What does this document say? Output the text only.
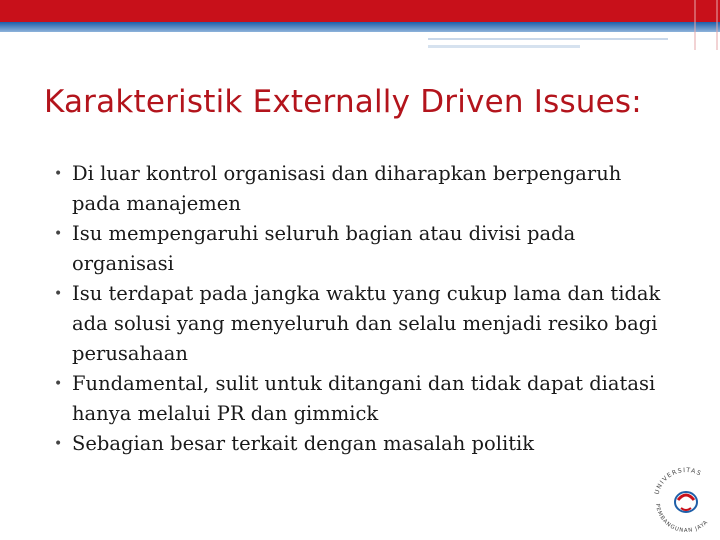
Karakteristik Externally Driven Issues:
• Di luar kontrol organisasi dan diharapkan berpengaruh pada manajemen
• Isu mempengaruhi seluruh bagian atau divisi pada organisasi
• Isu terdapat pada jangka waktu yang cukup lama dan tidak ada solusi yang menyeluruh dan selalu menjadi resiko bagi perusahaan
• Fundamental, sulit untuk ditangani dan tidak dapat diatasi hanya melalui PR dan gimmick
• Sebagian besar terkait dengan masalah politik
UNIVERSITAS
PEMBANGUNAN JAYA
